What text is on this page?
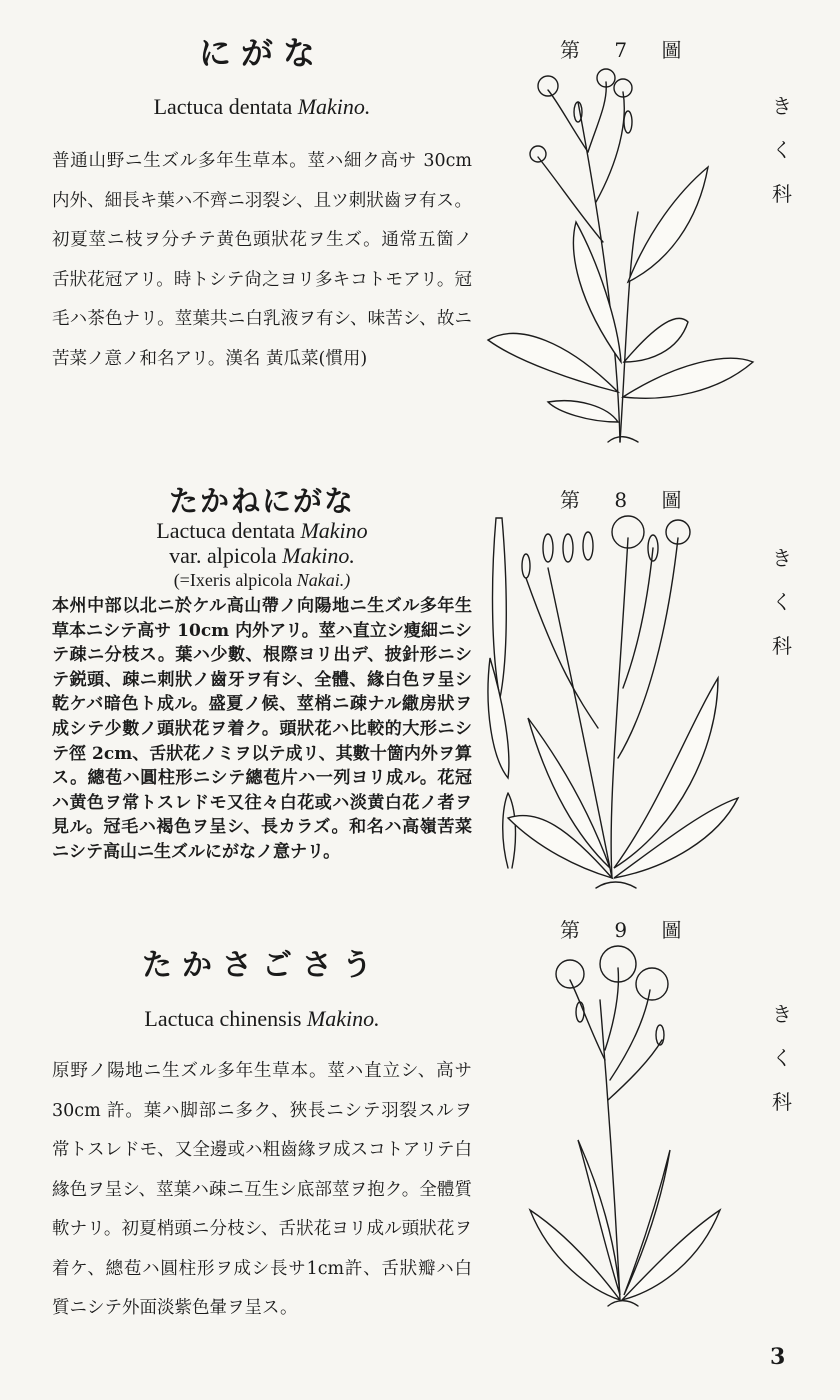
にがな

Lactuca dentata Makino.

普通山野ニ生ズル多年生草本。莖ハ細ク高サ 30cm 内外、細長キ葉ハ不齊ニ羽裂シ、且ツ刺狀齒ヲ有ス。初夏莖ニ枝ヲ分チテ黄色頭狀花ヲ生ズ。通常五箇ノ舌狀花冠アリ。時トシテ尙之ヨリ多キコトモアリ。冠毛ハ茶色ナリ。莖葉共ニ白乳液ヲ有シ、味苦シ、故ニ苦菜ノ意ノ和名アリ。漢名 黃瓜菜(慣用)

たかねにがな

Lactuca dentata Makino

var. alpicola Makino.

(=Ixeris alpicola Nakai.)

本州中部以北ニ於ケル高山帶ノ向陽地ニ生ズル多年生草本ニシテ高サ 10cm 内外アリ。莖ハ直立シ瘦細ニシテ疎ニ分枝ス。葉ハ少數、根際ヨリ出デ、披針形ニシテ鋭頭、疎ニ刺狀ノ齒牙ヲ有シ、全體、緣白色ヲ呈シ乾ケバ暗色ト成ル。盛夏ノ候、莖梢ニ疎ナル繖房狀ヲ成シテ少數ノ頭狀花ヲ着ク。頭狀花ハ比較的大形ニシテ徑 2cm、舌狀花ノミヲ以テ成リ、其數十箇内外ヲ算ス。總苞ハ圓柱形ニシテ總苞片ハ一列ヨリ成ル。花冠ハ黄色ヲ常トスレドモ又往々白花或ハ淡黄白花ノ者ヲ見ル。冠毛ハ褐色ヲ呈シ、長カラズ。和名ハ高嶺苦菜ニシテ高山ニ生ズルにがなノ意ナリ。

たかさごさう

Lactuca chinensis Makino.

原野ノ陽地ニ生ズル多年生草本。莖ハ直立シ、高サ 30cm 許。葉ハ脚部ニ多ク、狹長ニシテ羽裂スルヲ常トスレドモ、又全邊或ハ粗齒緣ヲ成スコトアリテ白緣色ヲ呈シ、莖葉ハ疎ニ互生シ底部莖ヲ抱ク。全體質軟ナリ。初夏梢頭ニ分枝シ、舌狀花ヨリ成ル頭狀花ヲ着ケ、總苞ハ圓柱形ヲ成シ長サ1cm許、舌狀瓣ハ白質ニシテ外面淡紫色暈ヲ呈ス。

第 7 圖
第 8 圖
第 9 圖
き
く
科
き
く
科
き
く
科
3
